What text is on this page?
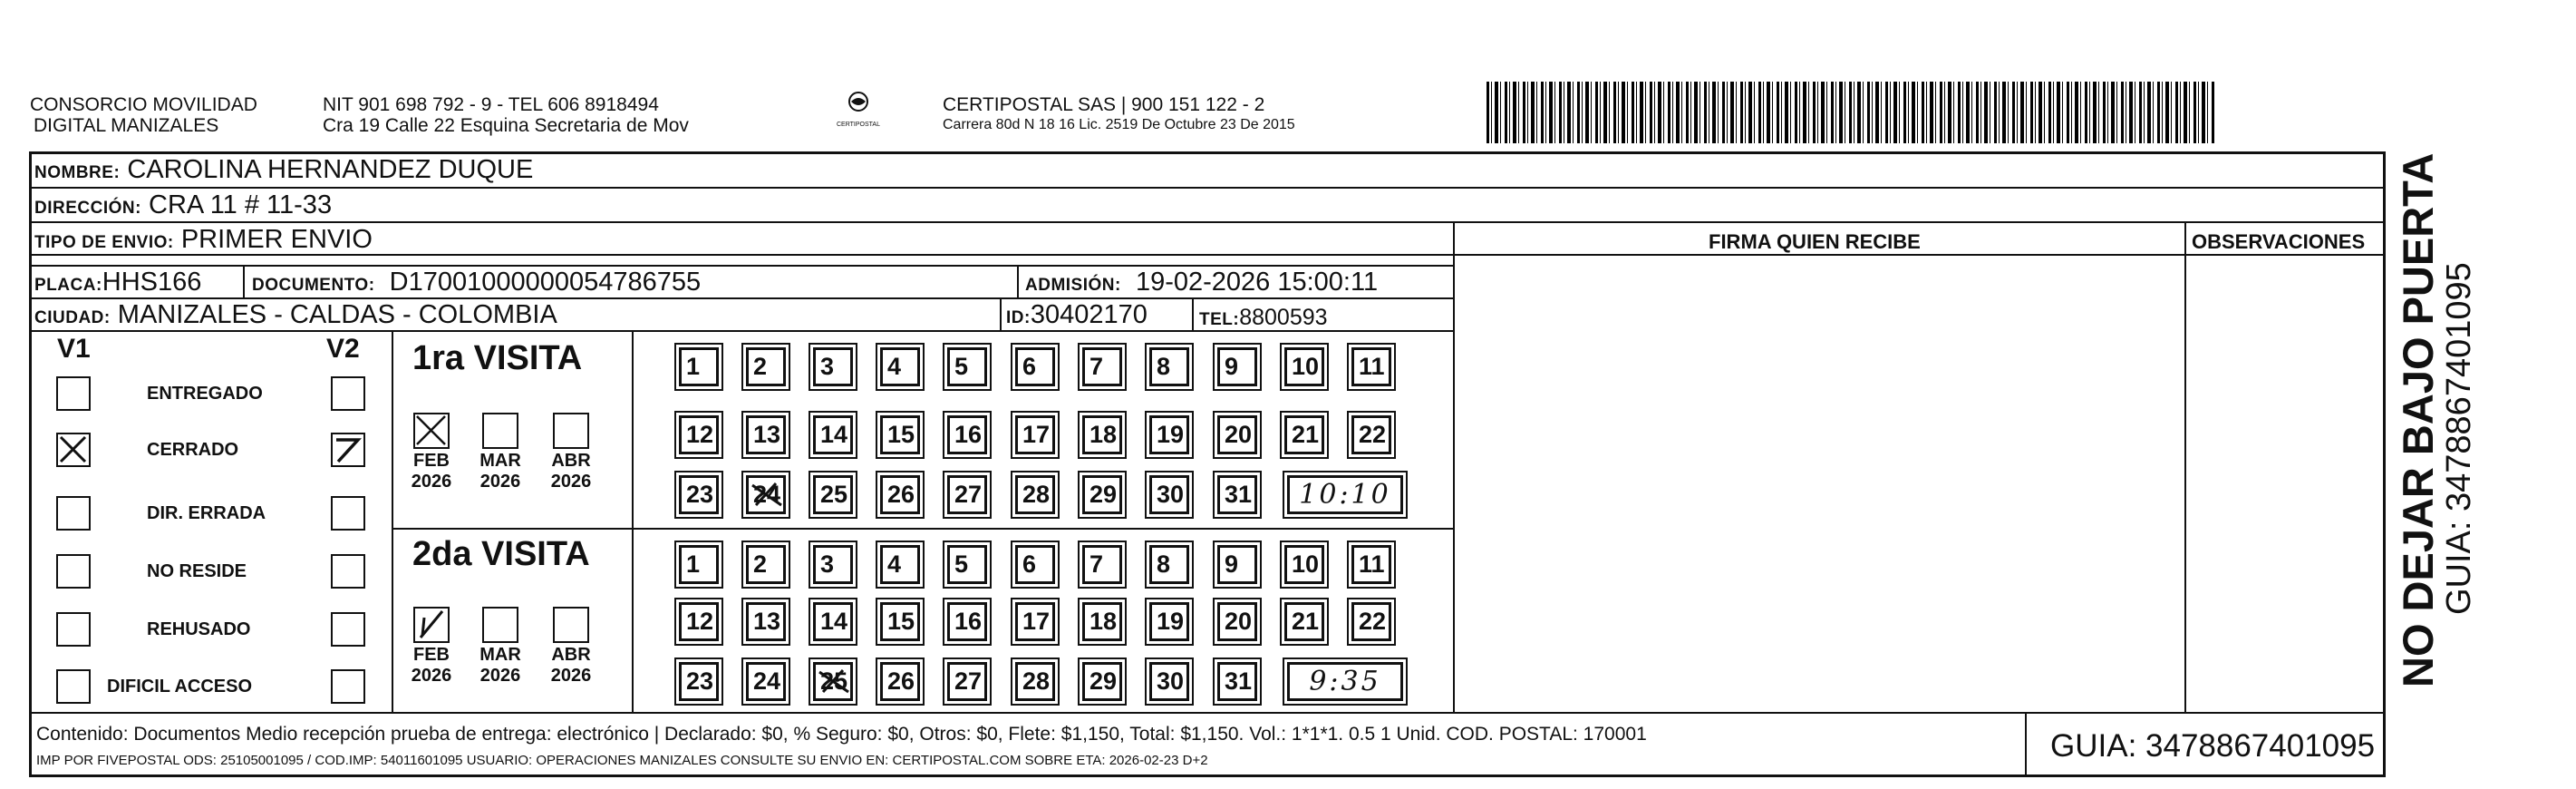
CONSORCIO MOVILIDAD
DIGITAL MANIZALES
NIT 901 698 792 - 9 - TEL 606 8918494
Cra 19 Calle 22 Esquina Secretaria de Mov	CERTIPOSTAL
CERTIPOSTAL SAS | 900 151 122 - 2
Carrera 80d N 18 16 Lic. 2519 De Octubre 23 De 2015
NOMBRE: CAROLINA HERNANDEZ DUQUE
DIRECCIÓN: CRA 11 # 11-33
TIPO DE ENVIO: PRIMER ENVIO
PLACA:HHS166	DOCUMENTO: D17001000000054786755	ADMISIÓN: 19-02-2026 15:00:11
CIUDAD: MANIZALES - CALDAS - COLOMBIA	ID:30402170	TEL:8800593
FIRMA QUIEN RECIBE	OBSERVACIONES
V1	V2
ENTREGADO
CERRADO
DIR. ERRADA
NO RESIDE
REHUSADO
DIFICIL ACCESO
1ra VISITA
2da VISITA
FEB
2026
MAR
2026
ABR
2026
FEB
2026
MAR
2026
ABR
2026
1	2	3	4	5	6	7	8	9	10 11
12 13 14 15 16 17 18 19 20 21 22
23 24 25 26 27 28 29 30 31	10:10
1	2	3	4	5	6	7	8	9	10 11
12 13 14 15 16 17 18 19 20 21 22
23 24 25 26 27 28 29 30 31	9:35
Contenido: Documentos Medio recepción prueba de entrega: electrónico | Declarado: $0, % Seguro: $0, Otros: $0, Flete: $1,150, Total: $1,150. Vol.: 1*1*1. 0.5 1 Unid. COD. POSTAL: 170001
IMP POR FIVEPOSTAL ODS: 25105001095 / COD.IMP: 54011601095 USUARIO: OPERACIONES MANIZALES CONSULTE SU ENVIO EN: CERTIPOSTAL.COM SOBRE ETA: 2026-02-23 D+2	GUIA: 3478867401095
NO DEJAR BAJO PUERTA
GUIA: 3478867401095
